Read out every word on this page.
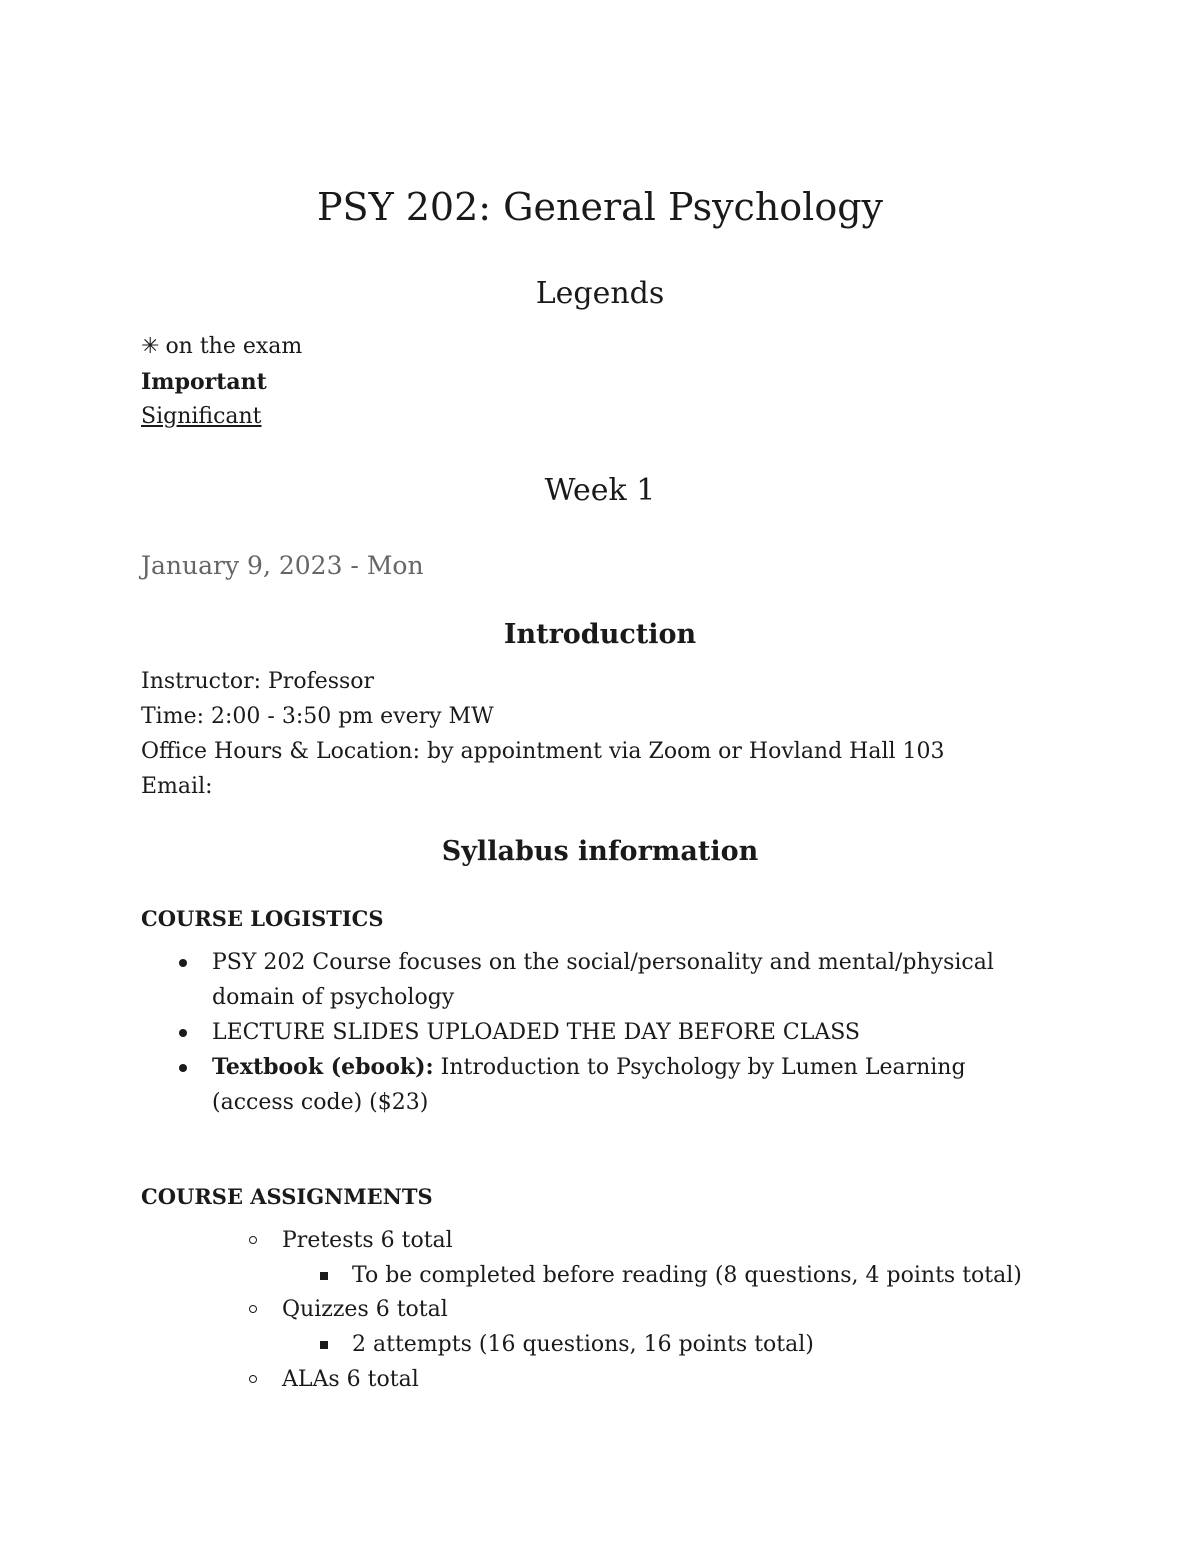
PSY 202: General Psychology
Legends
✳ on the exam
Important
Significant
Week 1
January 9, 2023 - Mon
Introduction
Instructor: Professor
Time: 2:00 - 3:50 pm every MW
Office Hours & Location: by appointment via Zoom or Hovland Hall 103
Email:
Syllabus information
COURSE LOGISTICS
PSY 202 Course focuses on the social/personality and mental/physical domain of psychology
LECTURE SLIDES UPLOADED THE DAY BEFORE CLASS
Textbook (ebook): Introduction to Psychology by Lumen Learning (access code) ($23)
COURSE ASSIGNMENTS
Pretests 6 total
To be completed before reading (8 questions, 4 points total)
Quizzes 6 total
2 attempts (16 questions, 16 points total)
ALAs 6 total
